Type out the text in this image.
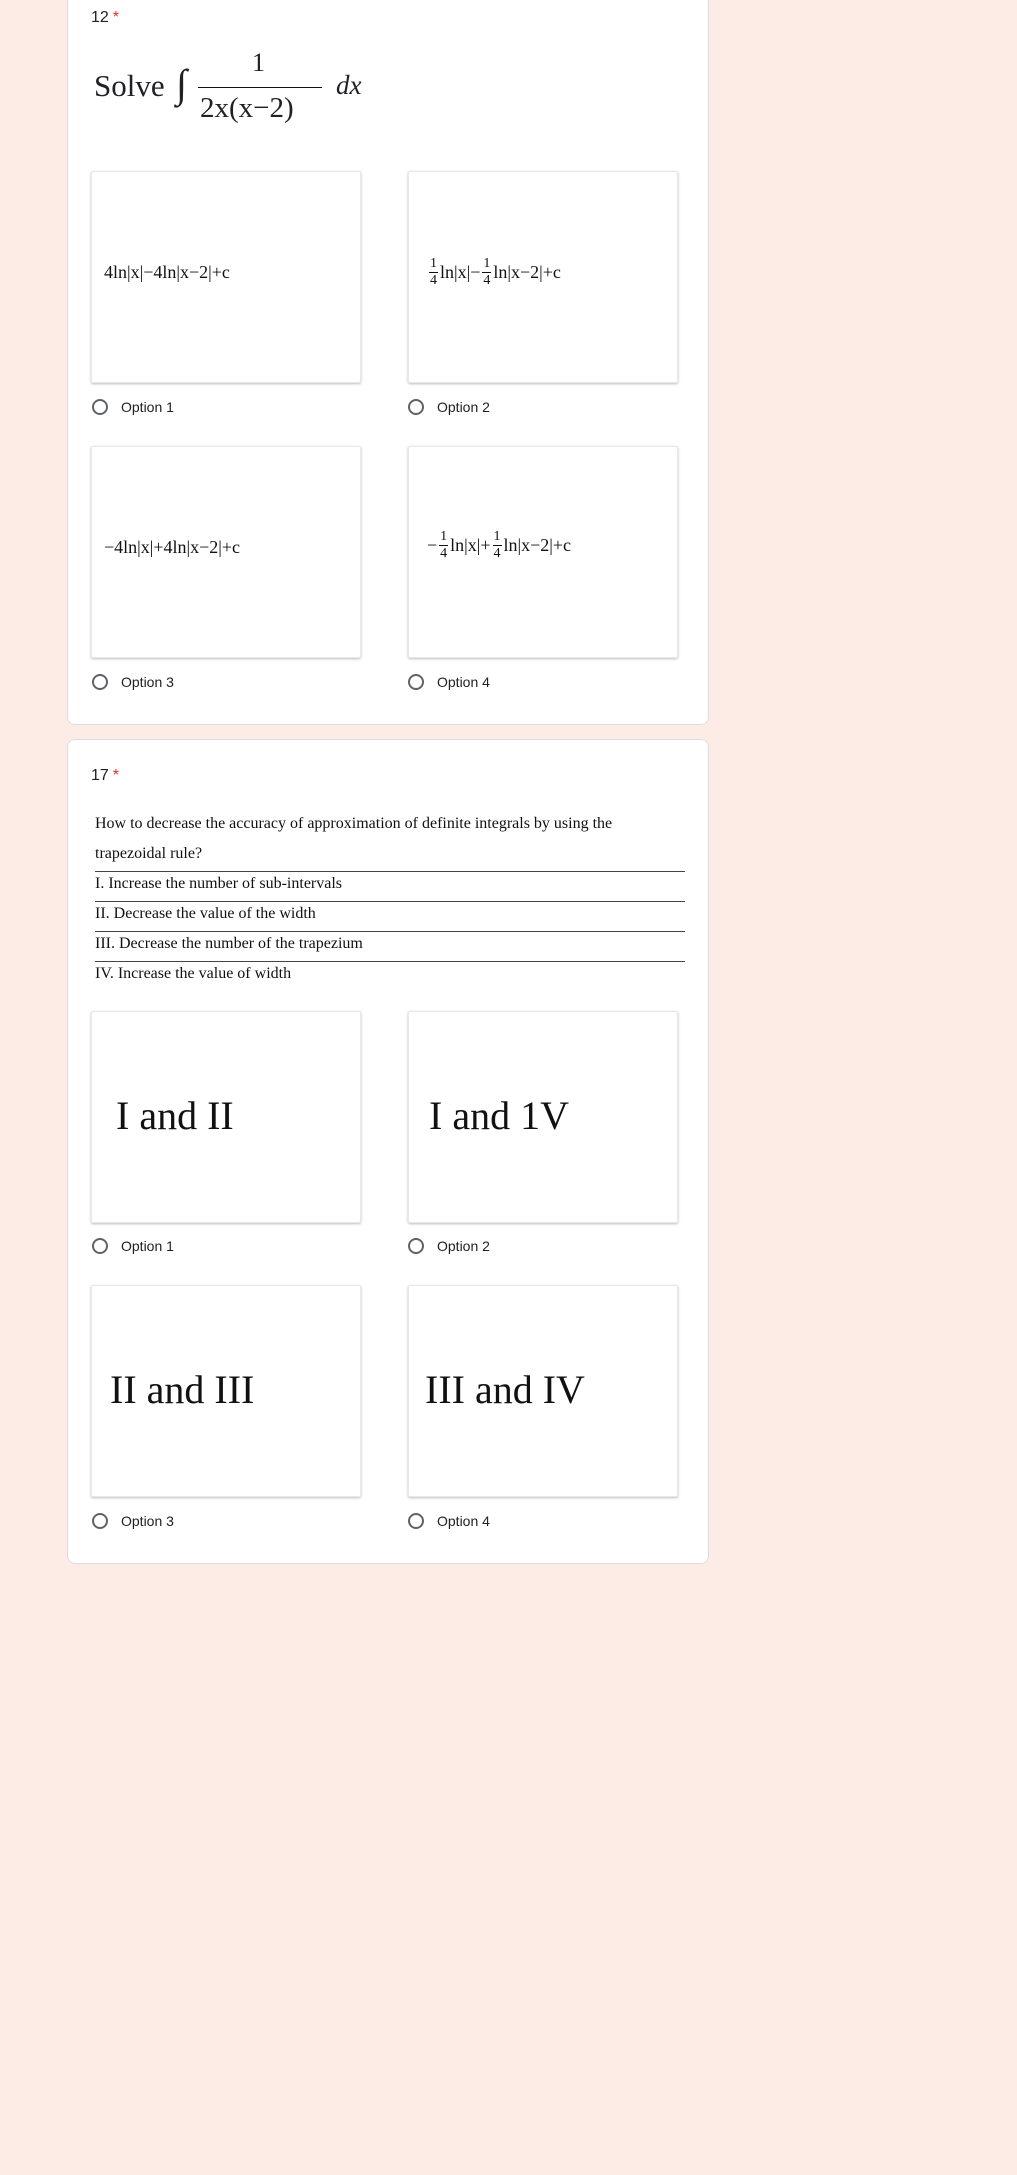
12 *
Solve ∫	1
2x(x−2)
dx
4ln|x|−4ln|x−2|+c
Option 1
$\frac{1}{4} \ln|x|- \frac{1}{4} \ln|x-2|+c$
Option 2
−4ln|x|+4ln|x−2|+c
Option 3
− $\frac{1}{4} \ln|x|+ \frac{1}{4} \ln|x-2|+c$
Option 4
17 *
How to decrease the accuracy of approximation of definite integrals by using the
trapezoidal rule?
I. Increase the number of sub-intervals
II. Decrease the value of the width
III. Decrease the number of the trapezium
IV. Increase the value of width
I and II
Option 1
I and 1V
Option 2
II and III
Option 3
III and IV
Option 4
